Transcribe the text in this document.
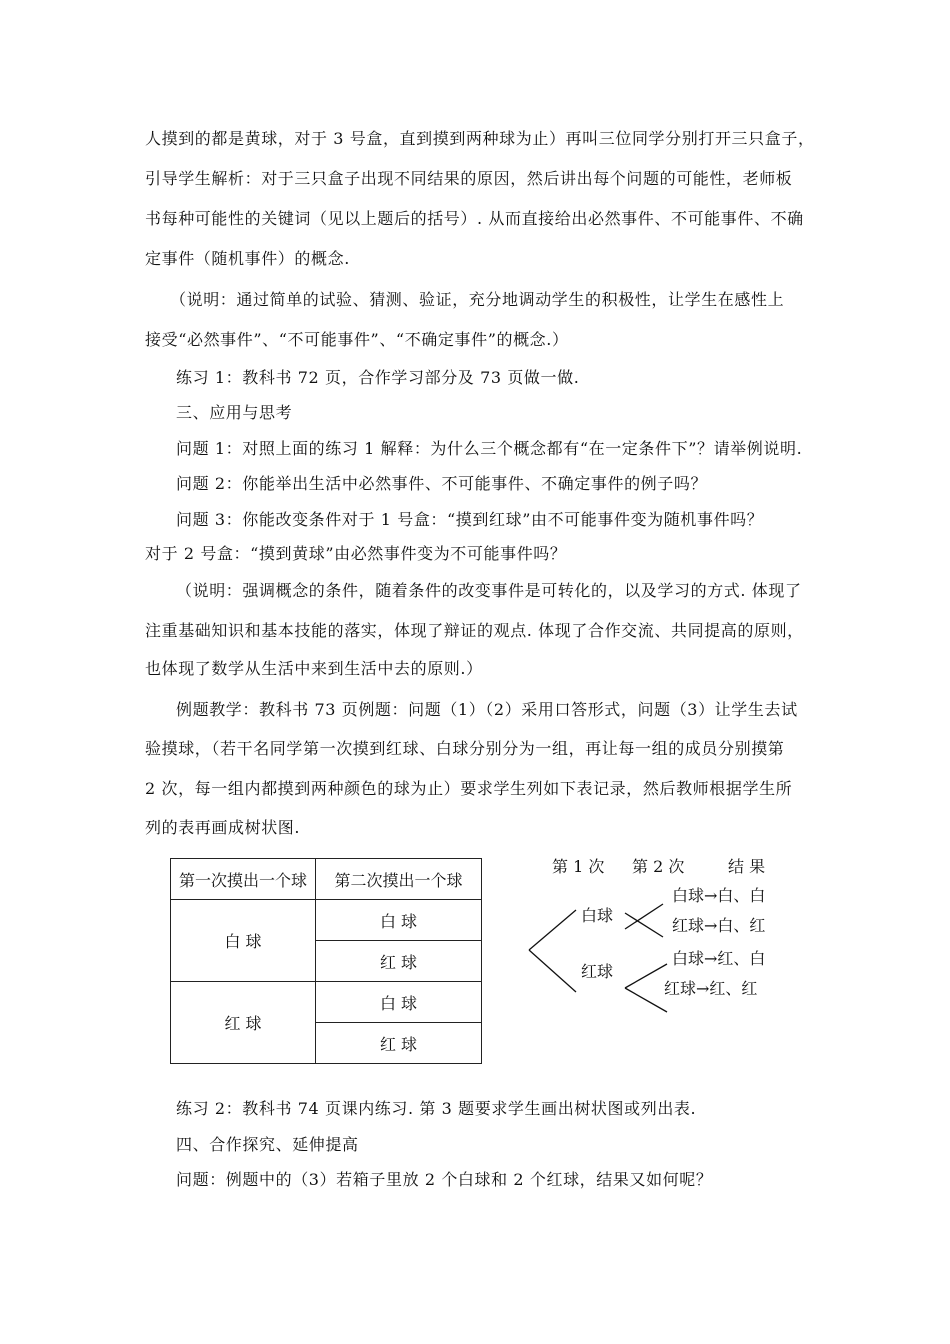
人摸到的都是黄球，对于 3 号盒，直到摸到两种球为止）再叫三位同学分别打开三只盒子，
引导学生解析：对于三只盒子出现不同结果的原因，然后讲出每个问题的可能性，老师板
书每种可能性的关键词（见以上题后的括号）. 从而直接给出必然事件、不可能事件、不确
定事件（随机事件）的概念.
（说明：通过简单的试验、猜测、验证，充分地调动学生的积极性，让学生在感性上
接受“必然事件”、“不可能事件”、“不确定事件”的概念.）
练习 1：教科书 72 页，合作学习部分及 73 页做一做.
三、应用与思考
问题 1：对照上面的练习 1 解释：为什么三个概念都有“在一定条件下”？请举例说明.
问题 2：你能举出生活中必然事件、不可能事件、不确定事件的例子吗？
问题 3：你能改变条件对于 1 号盒：“摸到红球”由不可能事件变为随机事件吗？
对于 2 号盒：“摸到黄球”由必然事件变为不可能事件吗？
（说明：强调概念的条件，随着条件的改变事件是可转化的，以及学习的方式. 体现了
注重基础知识和基本技能的落实，体现了辩证的观点. 体现了合作交流、共同提高的原则，
也体现了数学从生活中来到生活中去的原则.）
例题教学：教科书 73 页例题：问题（1）（2）采用口答形式，问题（3）让学生去试
验摸球，（若干名同学第一次摸到红球、白球分别分为一组，再让每一组的成员分别摸第
2 次，每一组内都摸到两种颜色的球为止）要求学生列如下表记录，然后教师根据学生所
列的表再画成树状图.
第一次摸出一个球	第二次摸出一个球
白 球	白 球
	红 球
红 球	白 球
	红 球
第 1 次 第 2 次	结 果
白球
红球
白球→白、白
红球→白、红
白球→红、白
红球→红、红
练习 2：教科书 74 页课内练习. 第 3 题要求学生画出树状图或列出表.
四、合作探究、延伸提高
问题：例题中的（3）若箱子里放 2 个白球和 2 个红球，结果又如何呢？
